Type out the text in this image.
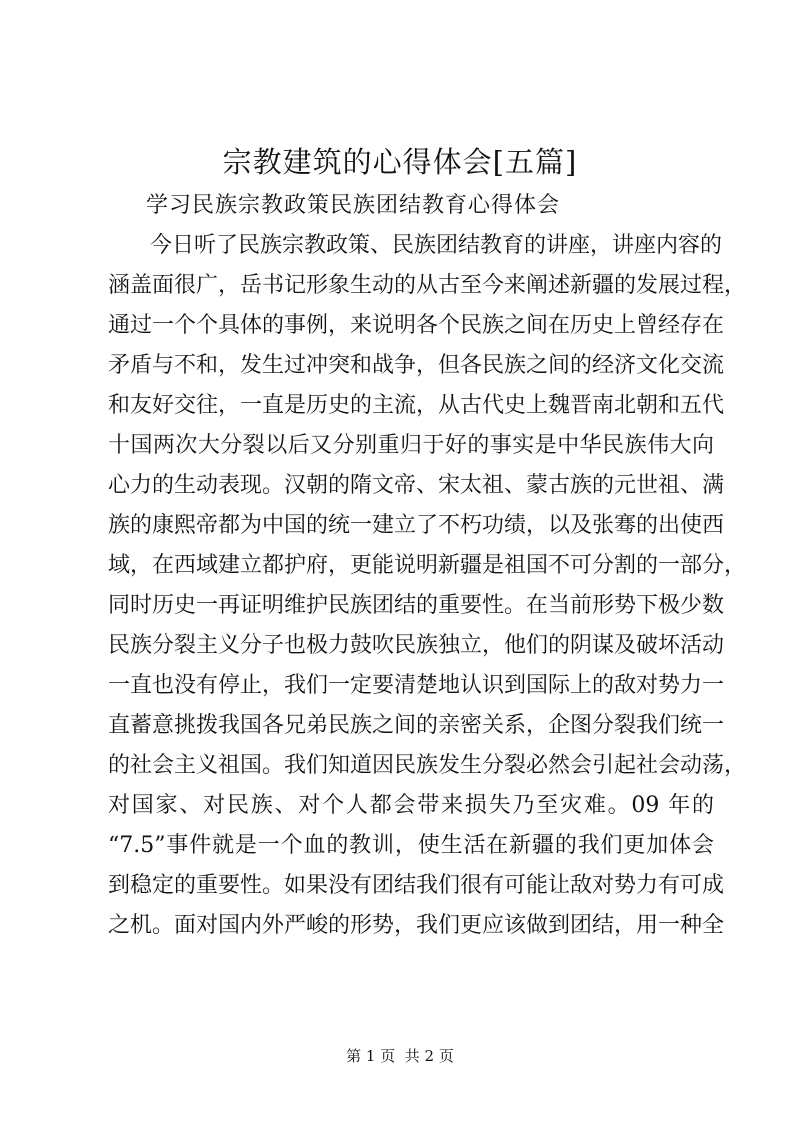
宗教建筑的心得体会[五篇]
学习民族宗教政策民族团结教育心得体会
今日听了民族宗教政策、民族团结教育的讲座，讲座内容的
涵盖面很广，岳书记形象生动的从古至今来阐述新疆的发展过程，
通过一个个具体的事例，来说明各个民族之间在历史上曾经存在
矛盾与不和，发生过冲突和战争，但各民族之间的经济文化交流
和友好交往，一直是历史的主流，从古代史上魏晋南北朝和五代
十国两次大分裂以后又分别重归于好的事实是中华民族伟大向
心力的生动表现。汉朝的隋文帝、宋太祖、蒙古族的元世祖、满
族的康熙帝都为中国的统一建立了不朽功绩，以及张骞的出使西
域，在西域建立都护府，更能说明新疆是祖国不可分割的一部分，
同时历史一再证明维护民族团结的重要性。在当前形势下极少数
民族分裂主义分子也极力鼓吹民族独立，他们的阴谋及破坏活动
一直也没有停止，我们一定要清楚地认识到国际上的敌对势力一
直蓄意挑拨我国各兄弟民族之间的亲密关系，企图分裂我们统一
的社会主义祖国。我们知道因民族发生分裂必然会引起社会动荡，
对国家、对民族、对个人都会带来损失乃至灾难。09 年的
“7.5”事件就是一个血的教训，使生活在新疆的我们更加体会
到稳定的重要性。如果没有团结我们很有可能让敌对势力有可成
之机。面对国内外严峻的形势，我们更应该做到团结，用一种全
第 1 页  共 2 页
